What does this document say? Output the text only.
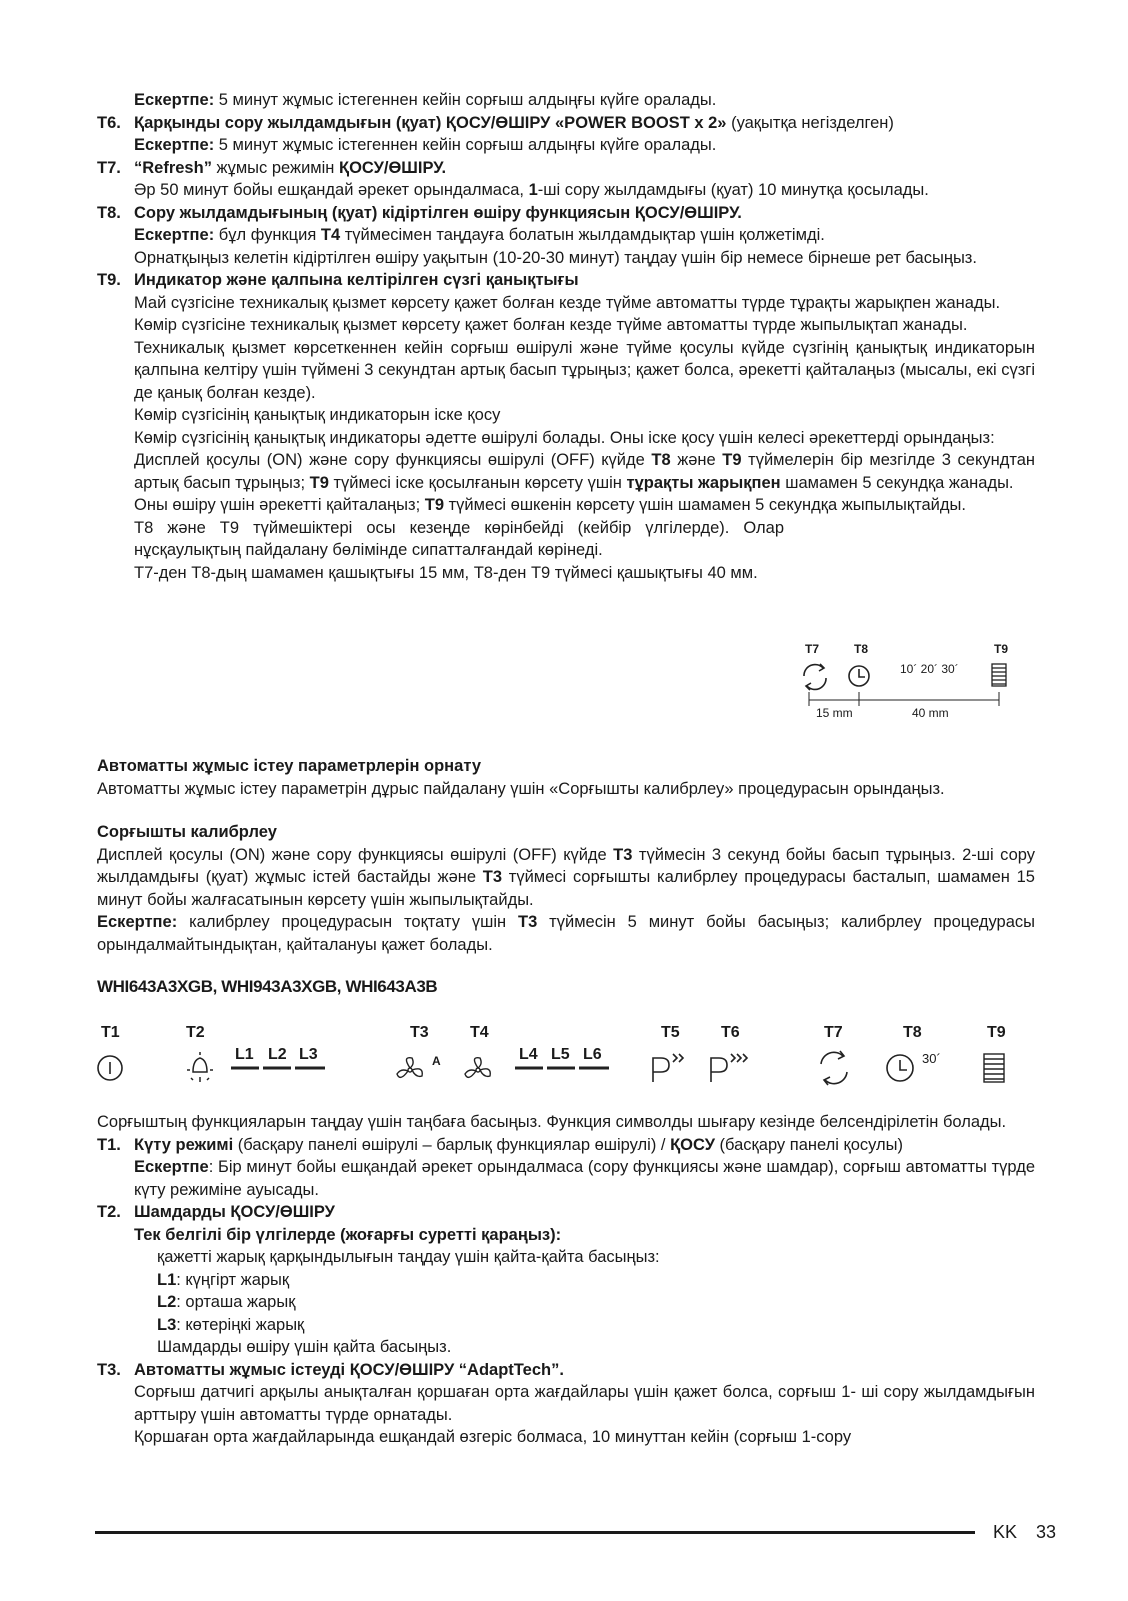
Ескертпе: 5 минут жұмыс істегеннен кейін сорғыш алдыңғы күйге оралады.

T6. Қарқынды сору жылдамдығын (қуат) ҚОСУ/ӨШІРУ «POWER BOOST x 2» (уақытқа негізделген)

Ескертпе: 5 минут жұмыс істегеннен кейін сорғыш алдыңғы күйге оралады.

T7. “Refresh” жұмыс режимін ҚОСУ/ӨШІРУ.

Әр 50 минут бойы ешқандай әрекет орындалмаса, 1-ші сору жылдамдығы (қуат) 10 минутқа қосылады.

T8. Сору жылдамдығының (қуат) кідіртілген өшіру функциясын ҚОСУ/ӨШІРУ.

Ескертпе: бұл функция T4 түймесімен таңдауға болатын жылдамдықтар үшін қолжетімді.

Орнатқыңыз келетін кідіртілген өшіру уақытын (10-20-30 минут) таңдау үшін бір немесе бірнеше рет басыңыз.

T9. Индикатор және қалпына келтірілген сүзгі қанықтығы

Май сүзгісіне техникалық қызмет көрсету қажет болған кезде түйме автоматты түрде тұрақты жарықпен жанады.

Көмір сүзгісіне техникалық қызмет көрсету қажет болған кезде түйме автоматты түрде жыпылықтап жанады.

Техникалық қызмет көрсеткеннен кейін сорғыш өшірулі және түйме қосулы күйде сүзгінің қанықтық индикаторын қалпына келтіру үшін түймені 3 секундтан артық басып тұрыңыз; қажет болса, әрекетті қайталаңыз (мысалы, екі сүзгі де қанық болған кезде).

Көмір сүзгісінің қанықтық индикаторын іске қосу

Көмір сүзгісінің қанықтық индикаторы әдетте өшірулі болады. Оны іске қосу үшін келесі әрекеттерді орындаңыз:

Дисплей қосулы (ON) және сору функциясы өшірулі (OFF) күйде T8 және T9 түймелерін бір мезгілде 3 секундтан артық басып тұрыңыз; T9 түймесі іске қосылғанын көрсету үшін тұрақты жарықпен шамамен 5 секундқа жанады.

Оны өшіру үшін әрекетті қайталаңыз; T9 түймесі өшкенін көрсету үшін шамамен 5 секундқа жыпылықтайды.

T8 және T9 түймешіктері осы кезеңде көрінбейді (кейбір үлгілерде). Олар нұсқаулықтың пайдалану бөлімінде сипатталғандай көрінеді.

T7-ден T8-дың шамамен қашықтығы 15 мм, T8-ден T9 түймесі қашықтығы 40 мм.

T7	T8	T9
10´ 20´ 30´
15 mm	40 mm

Автоматты жұмыс істеу параметрлерін орнату

Автоматты жұмыс істеу параметрін дұрыс пайдалану үшін «Сорғышты калибрлеу» процедурасын орындаңыз.

Сорғышты калибрлеу

Дисплей қосулы (ON) және сору функциясы өшірулі (OFF) күйде T3 түймесін 3 секунд бойы басып тұрыңыз. 2-ші сору жылдамдығы (қуат) жұмыс істей бастайды және T3 түймесі сорғышты калибрлеу процедурасы басталып, шамамен 15 минут бойы жалғасатынын көрсету үшін жыпылықтайды.

Ескертпе: калибрлеу процедурасын тоқтату үшін T3 түймесін 5 минут бойы басыңыз; калибрлеу процедурасы орындалмайтындықтан, қайталануы қажет болады.

WHI643A3XGB, WHI943A3XGB, WHI643A3B
T1	T2	T3	T4	T5	T6	T7	T8	T9
L1 L2 L3	L4 L5 L6
A	30´

Сорғыштың функцияларын таңдау үшін таңбаға басыңыз. Функция символды шығару кезінде белсендірілетін болады.

T1. Күту режимі (басқару панелі өшірулі – барлық функциялар өшірулі) / ҚОСУ (басқару панелі қосулы)

Ескертпе: Бір минут бойы ешқандай әрекет орындалмаса (сору функциясы және шамдар), сорғыш автоматты түрде күту режиміне ауысады.

T2. Шамдарды ҚОСУ/ӨШІРУ

Тек белгілі бір үлгілерде (жоғарғы суретті қараңыз):

қажетті жарық қарқындылығын таңдау үшін қайта-қайта басыңыз:

L1: күңгірт жарық

L2: орташа жарық

L3: көтеріңкі жарық

Шамдарды өшіру үшін қайта басыңыз.

T3. Автоматты жұмыс істеуді ҚОСУ/ӨШІРУ “AdaptTech”.

Сорғыш датчигі арқылы анықталған қоршаған орта жағдайлары үшін қажет болса, сорғыш 1- ші сору жылдамдығын арттыру үшін автоматты түрде орнатады.

Қоршаған орта жағдайларында ешқандай өзгеріс болмаса, 10 минуттан кейін (сорғыш 1-сору

KK 33
